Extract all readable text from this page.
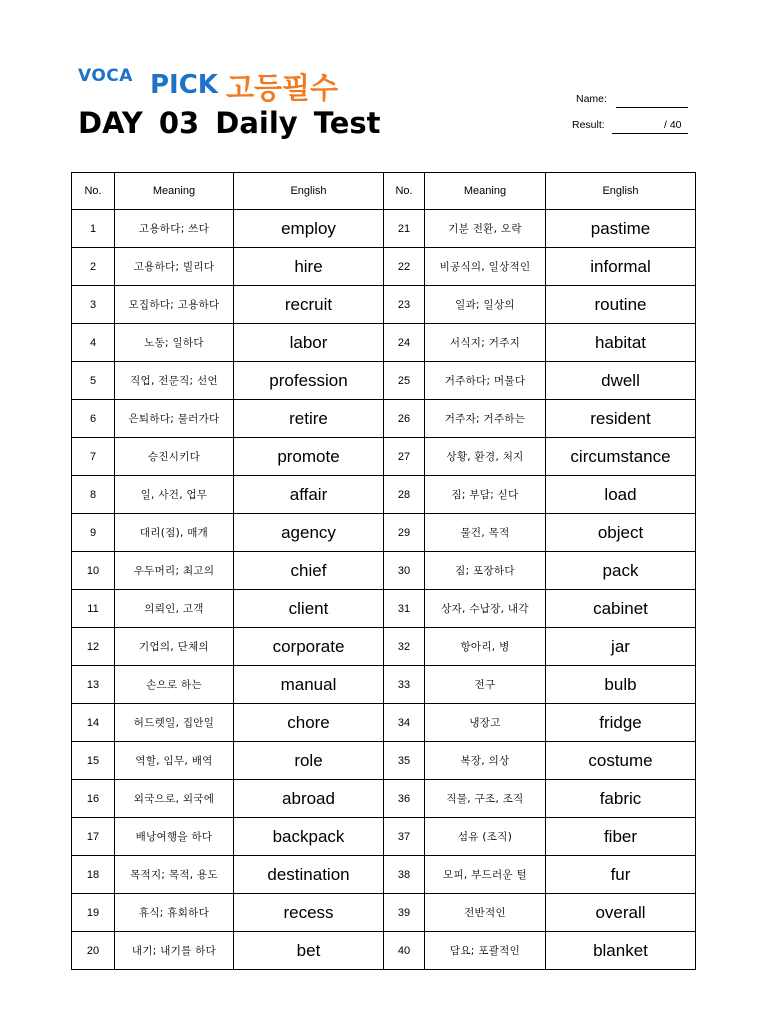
VOCA PICK 고등필수
DAY 03 Daily Test
Name:
Result:	/ 40
No.	Meaning	English	No.	Meaning	English
1	고용하다; 쓰다	employ	21	기분 전환, 오락	pastime
2	고용하다; 빌리다	hire	22	비공식의, 일상적인	informal
3	모집하다; 고용하다	recruit	23	일과; 일상의	routine
4	노동; 일하다	labor	24	서식지; 거주지	habitat
5	직업, 전문직; 선언	profession	25	거주하다; 머물다	dwell
6	은퇴하다; 물러가다	retire	26	거주자; 거주하는	resident
7	승진시키다	promote	27	상황, 환경, 처지	circumstance
8	일, 사건, 업무	affair	28	짐; 부담; 싣다	load
9	대리(점), 매개	agency	29	물건, 목적	object
10	우두머리; 최고의	chief	30	짐; 포장하다	pack
11	의뢰인, 고객	client	31	상자, 수납장, 내각	cabinet
12	기업의, 단체의	corporate	32	항아리, 병	jar
13	손으로 하는	manual	33	전구	bulb
14	허드렛일, 집안일	chore	34	냉장고	fridge
15	역할, 임무, 배역	role	35	복장, 의상	costume
16	외국으로, 외국에	abroad	36	직물, 구조, 조직	fabric
17	배낭여행을 하다	backpack	37	섬유 (조직)	fiber
18	목적지; 목적, 용도	destination	38	모피, 부드러운 털	fur
19	휴식; 휴회하다	recess	39	전반적인	overall
20	내기; 내기를 하다	bet	40	담요; 포괄적인	blanket
